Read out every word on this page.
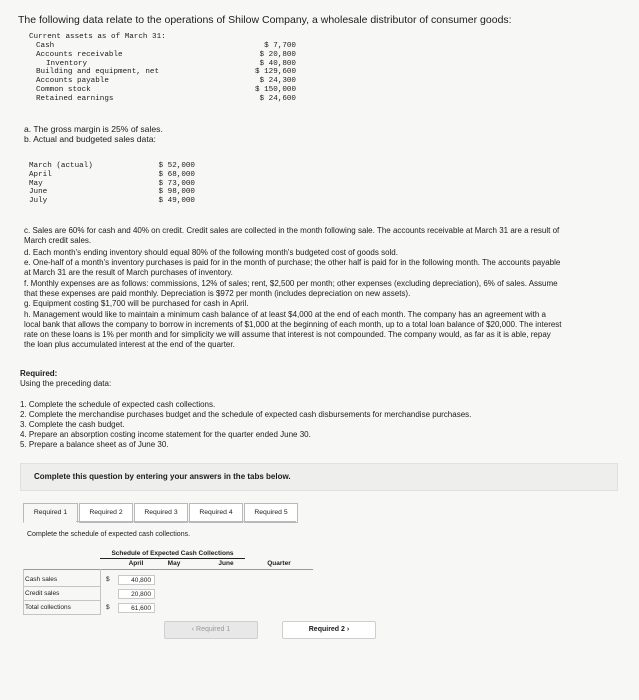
The following data relate to the operations of Shilow Company, a wholesale distributor of consumer goods:
Current assets as of March 31:
Cash	$ 7,700
Accounts receivable	$ 20,800
Inventory	$ 40,800
Building and equipment, net	$ 129,600
Accounts payable	$ 24,300
Common stock	$ 150,000
Retained earnings	$ 24,600
a. The gross margin is 25% of sales.
b. Actual and budgeted sales data:
March (actual)	$ 52,000
April	$ 68,000
May	$ 73,000
June	$ 98,000
July	$ 49,000
c. Sales are 60% for cash and 40% on credit. Credit sales are collected in the month following sale. The accounts receivable at March 31 are a result of March credit sales.
d. Each month's ending inventory should equal 80% of the following month's budgeted cost of goods sold.
e. One-half of a month's inventory purchases is paid for in the month of purchase; the other half is paid for in the following month. The accounts payable at March 31 are the result of March purchases of inventory.
f. Monthly expenses are as follows: commissions, 12% of sales; rent, $2,500 per month; other expenses (excluding depreciation), 6% of sales. Assume that these expenses are paid monthly. Depreciation is $972 per month (includes depreciation on new assets).
g. Equipment costing $1,700 will be purchased for cash in April.
h. Management would like to maintain a minimum cash balance of at least $4,000 at the end of each month. The company has an agreement with a local bank that allows the company to borrow in increments of $1,000 at the beginning of each month, up to a total loan balance of $20,000. The interest rate on these loans is 1% per month and for simplicity we will assume that interest is not compounded. The company would, as far as it is able, repay the loan plus accumulated interest at the end of the quarter.
Required:
Using the preceding data:
1. Complete the schedule of expected cash collections.
2. Complete the merchandise purchases budget and the schedule of expected cash disbursements for merchandise purchases.
3. Complete the cash budget.
4. Prepare an absorption costing income statement for the quarter ended June 30.
5. Prepare a balance sheet as of June 30.
Complete this question by entering your answers in the tabs below.
Required 1	Required 2	Required 3	Required 4	Required 5
Complete the schedule of expected cash collections.
Schedule of Expected Cash Collections
April	May	June	Quarter
Cash sales	$	40,800
Credit sales	20,800
Total collections	$	61,600
‹ Required 1	Required 2 ›
